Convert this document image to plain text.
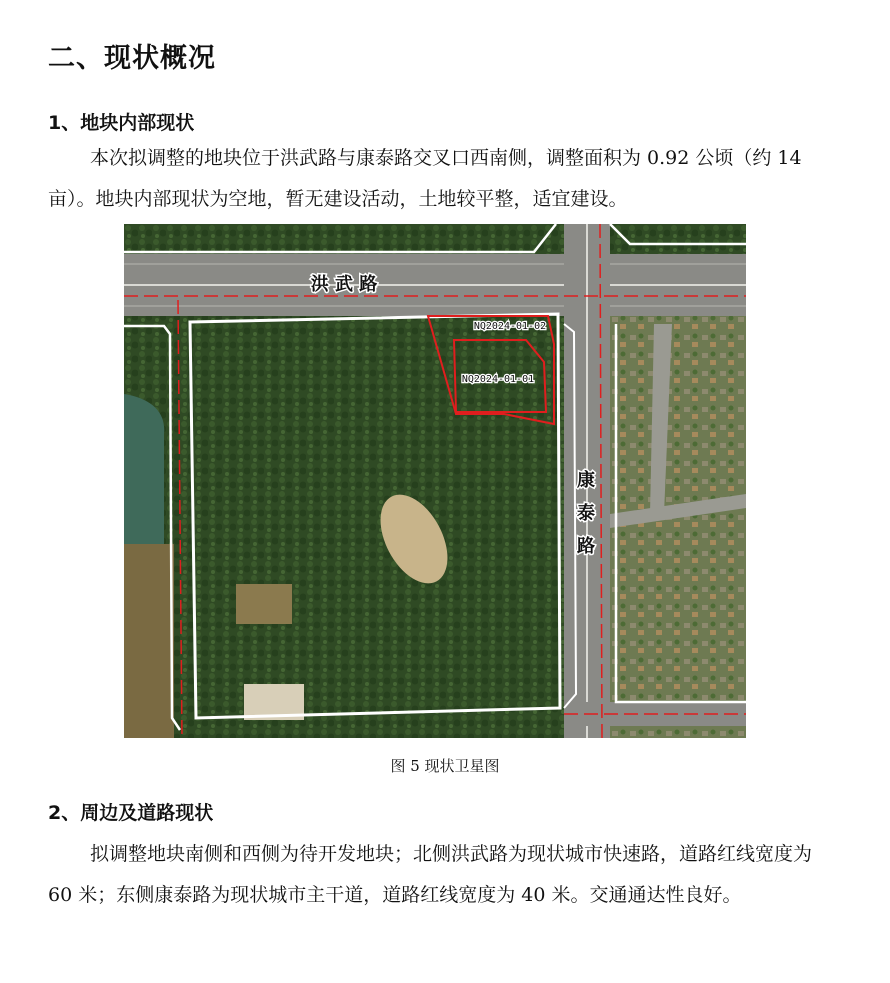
二、现状概况
1、地块内部现状

本次拟调整的地块位于洪武路与康泰路交叉口西南侧，调整面积为 0.92 公顷（约 14 亩）。地块内部现状为空地，暂无建设活动，土地较平整，适宜建设。

洪 武 路
康
泰
路
NQ2024-01-02
NQ2024-01-01
图 5 现状卫星图
2、周边及道路现状

拟调整地块南侧和西侧为待开发地块；北侧洪武路为现状城市快速路，道路红线宽度为 60 米；东侧康泰路为现状城市主干道，道路红线宽度为 40 米。交通通达性良好。
